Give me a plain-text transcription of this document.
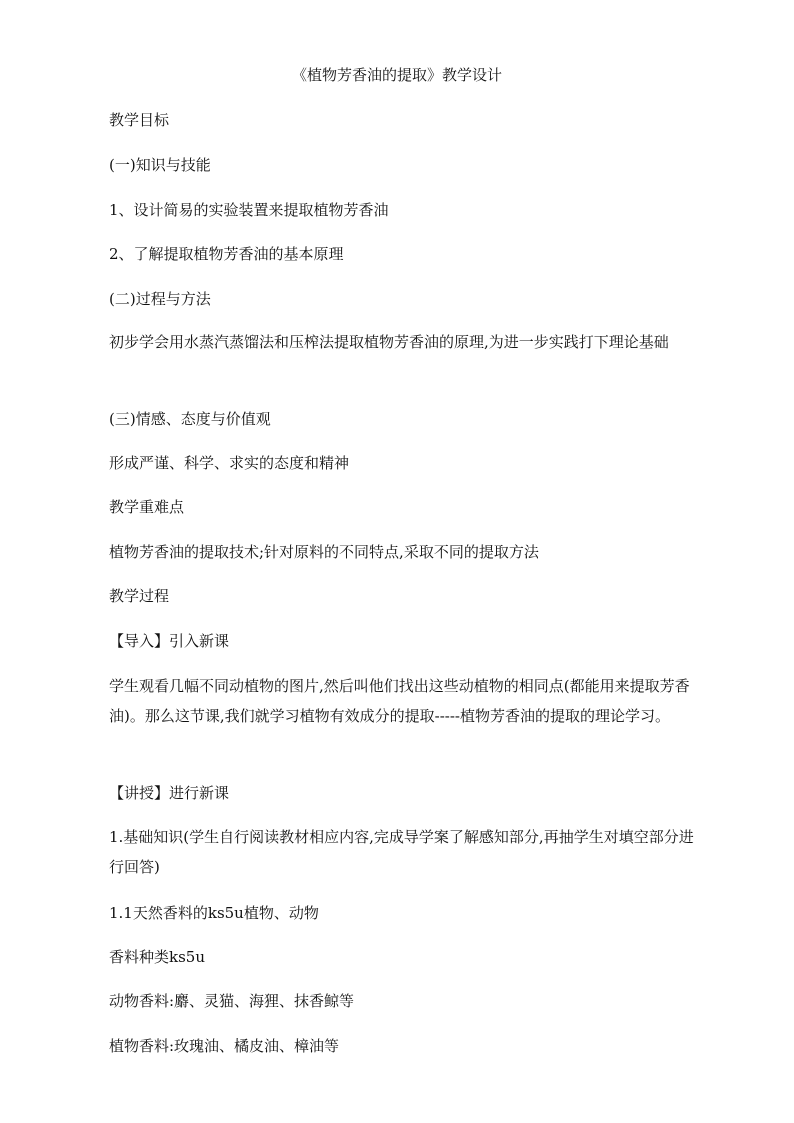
《植物芳香油的提取》教学设计
教学目标
(一)知识与技能
1、设计简易的实验装置来提取植物芳香油
2、了解提取植物芳香油的基本原理
(二)过程与方法
初步学会用水蒸汽蒸馏法和压榨法提取植物芳香油的原理,为进一步实践打下理论基础
(三)情感、态度与价值观
形成严谨、科学、求实的态度和精神
教学重难点
植物芳香油的提取技术;针对原料的不同特点,采取不同的提取方法
教学过程
【导入】引入新课
学生观看几幅不同动植物的图片,然后叫他们找出这些动植物的相同点(都能用来提取芳香油)。那么这节课,我们就学习植物有效成分的提取-----植物芳香油的提取的理论学习。
【讲授】进行新课
1.基础知识(学生自行阅读教材相应内容,完成导学案了解感知部分,再抽学生对填空部分进行回答)
1.1天然香料的ks5u植物、动物
香料种类ks5u
动物香料:麝、灵猫、海狸、抹香鲸等
植物香料:玫瑰油、橘皮油、樟油等
